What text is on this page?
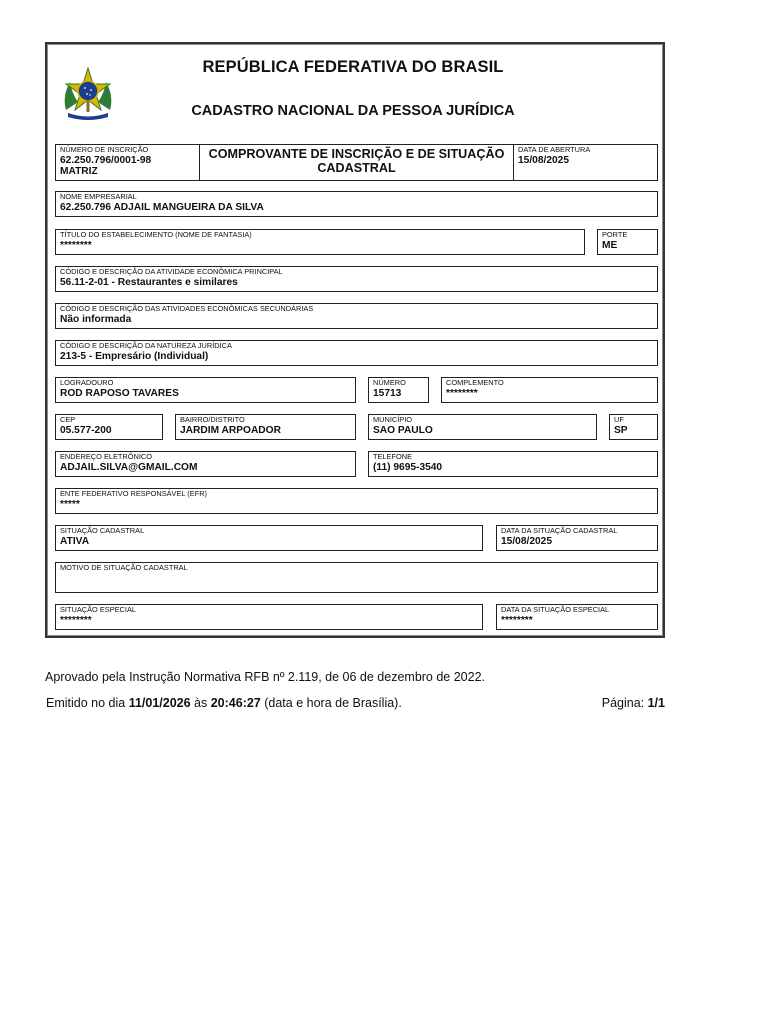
REPÚBLICA FEDERATIVA DO BRASIL
CADASTRO NACIONAL DA PESSOA JURÍDICA
NÚMERO DE INSCRIÇÃO
62.250.796/0001-98
MATRIZ
COMPROVANTE DE INSCRIÇÃO E DE SITUAÇÃO CADASTRAL
DATA DE ABERTURA
15/08/2025
NOME EMPRESARIAL
62.250.796 ADJAIL MANGUEIRA DA SILVA
TÍTULO DO ESTABELECIMENTO (NOME DE FANTASIA)
********
PORTE
ME
CÓDIGO E DESCRIÇÃO DA ATIVIDADE ECONÔMICA PRINCIPAL
56.11-2-01 - Restaurantes e similares
CÓDIGO E DESCRIÇÃO DAS ATIVIDADES ECONÔMICAS SECUNDÁRIAS
Não informada
CÓDIGO E DESCRIÇÃO DA NATUREZA JURÍDICA
213-5 - Empresário (Individual)
LOGRADOURO
ROD RAPOSO TAVARES
NÚMERO
15713
COMPLEMENTO
********
CEP
05.577-200
BAIRRO/DISTRITO
JARDIM ARPOADOR
MUNICÍPIO
SAO PAULO
UF
SP
ENDEREÇO ELETRÔNICO
ADJAIL.SILVA@GMAIL.COM
TELEFONE
(11) 9695-3540
ENTE FEDERATIVO RESPONSÁVEL (EFR)
*****
SITUAÇÃO CADASTRAL
ATIVA
DATA DA SITUAÇÃO CADASTRAL
15/08/2025
MOTIVO DE SITUAÇÃO CADASTRAL
SITUAÇÃO ESPECIAL
********
DATA DA SITUAÇÃO ESPECIAL
********
Aprovado pela Instrução Normativa RFB nº 2.119, de 06 de dezembro de 2022.
Emitido no dia 11/01/2026 às 20:46:27 (data e hora de Brasília).	Página: 1/1
